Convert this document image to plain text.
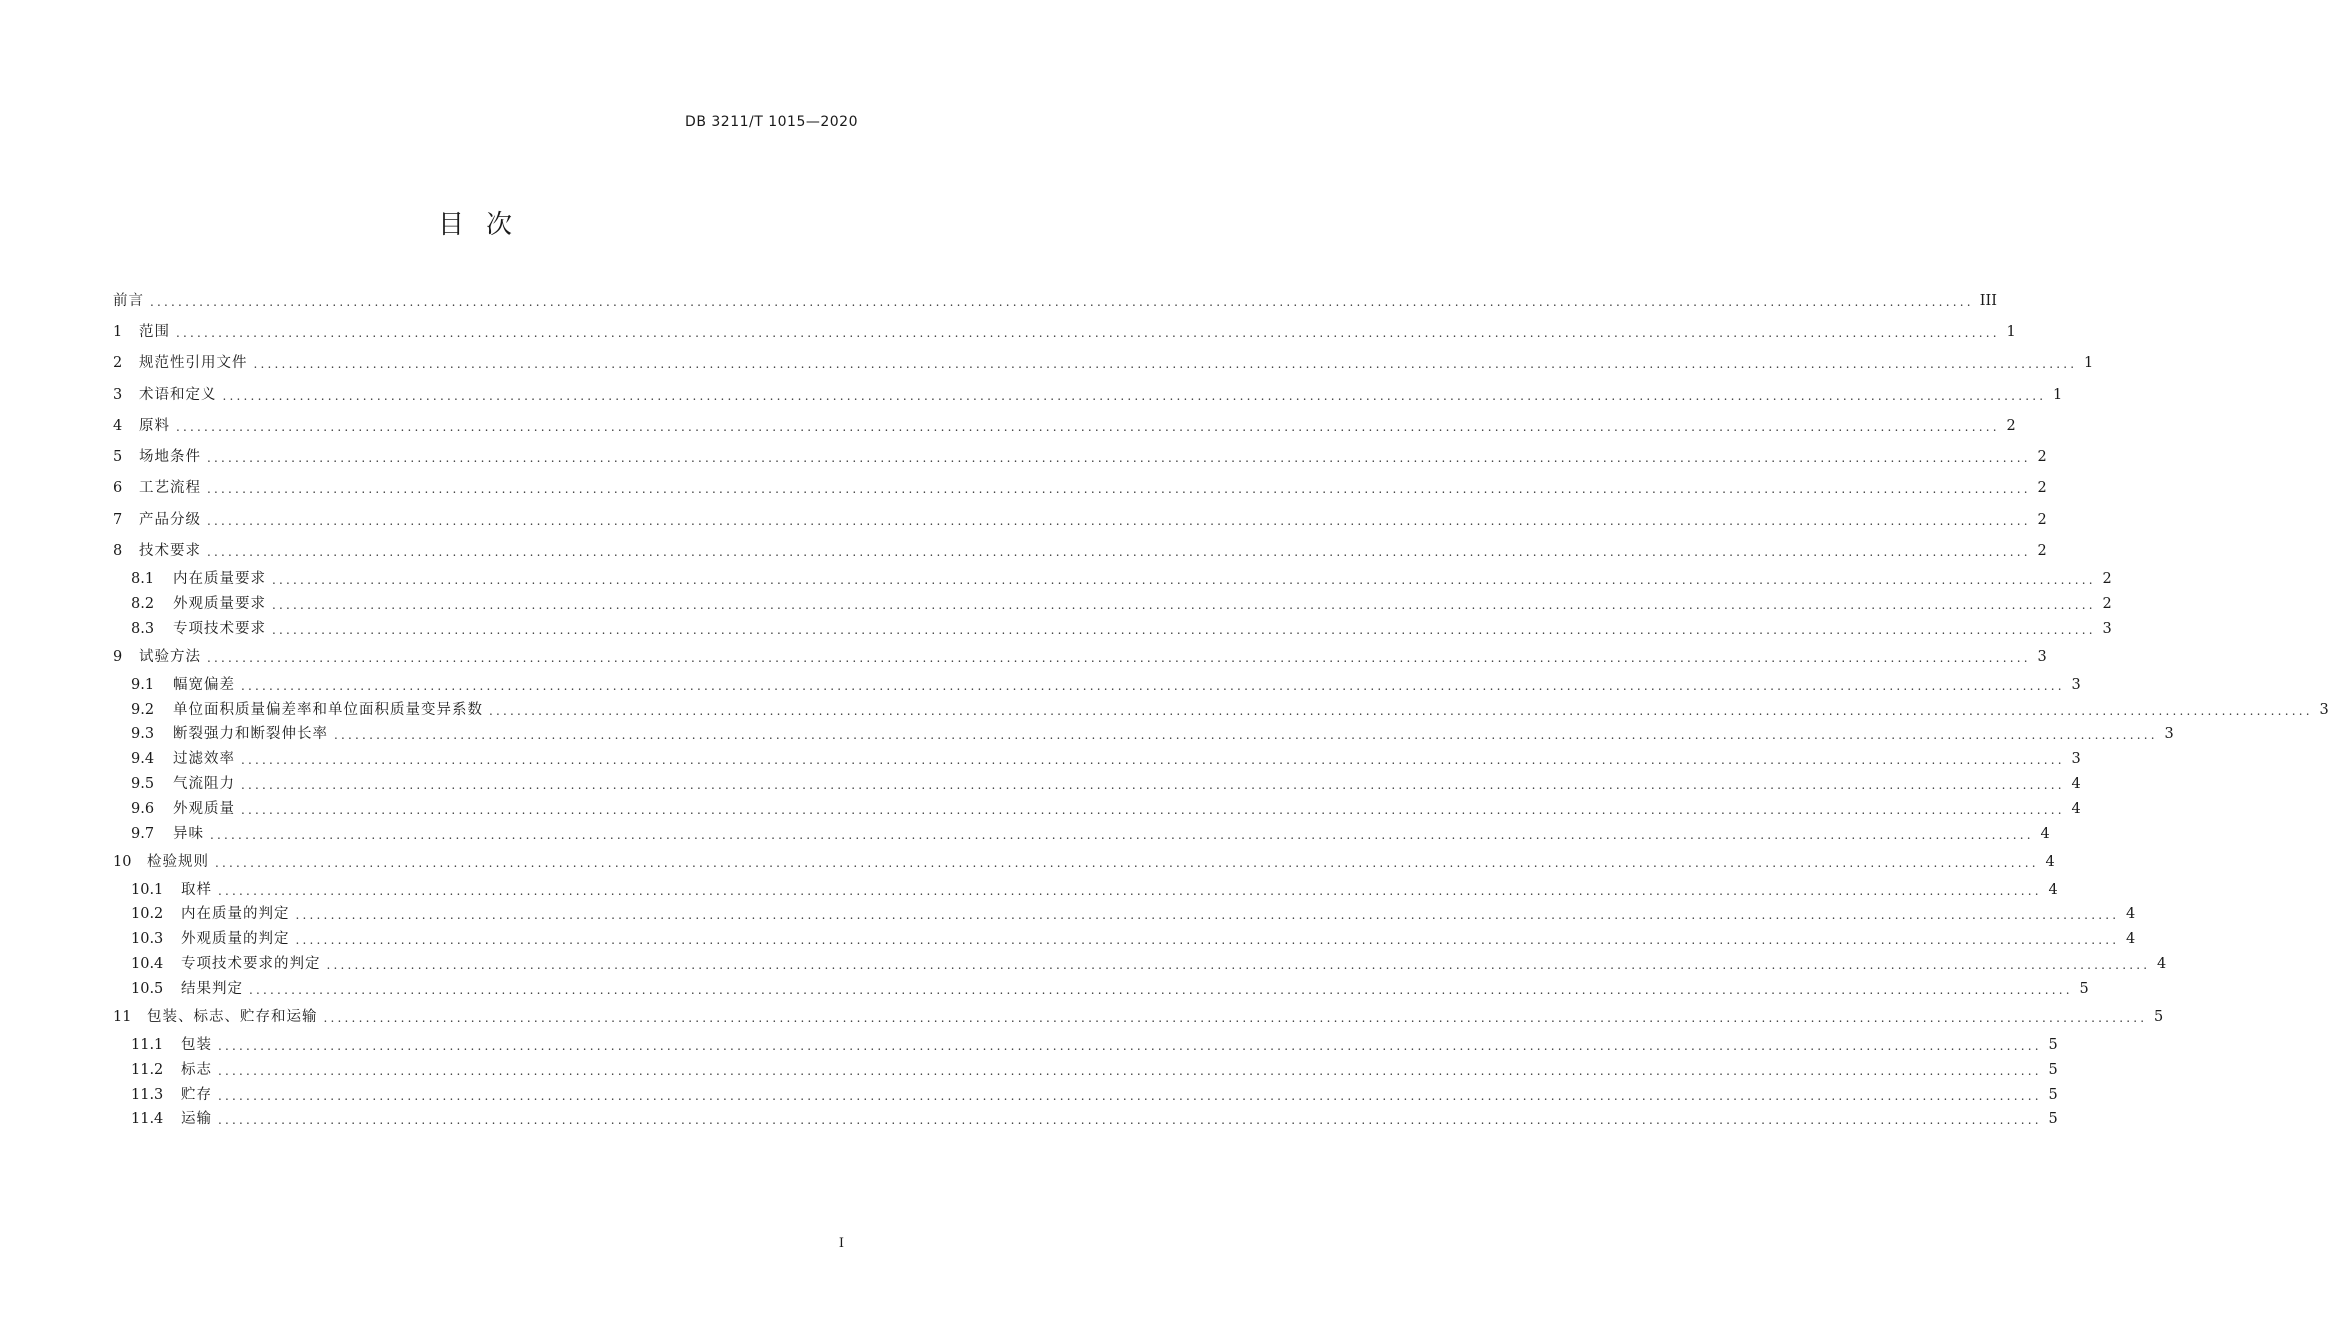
DB 3211/T 1015—2020
目次
前言 .................................................................................................................................................................................................................................................................... III
1	范围 .................................................................................................................................................................................................................................................................... 1
2	规范性引用文件 .................................................................................................................................................................................................................................................................... 1
3	术语和定义 .................................................................................................................................................................................................................................................................... 1
4	原料 .................................................................................................................................................................................................................................................................... 2
5	场地条件 .................................................................................................................................................................................................................................................................... 2
6	工艺流程 .................................................................................................................................................................................................................................................................... 2
7	产品分级 .................................................................................................................................................................................................................................................................... 2
8	技术要求 .................................................................................................................................................................................................................................................................... 2
8.1	内在质量要求 .................................................................................................................................................................................................................................................................... 2
8.2	外观质量要求 .................................................................................................................................................................................................................................................................... 2
8.3	专项技术要求 .................................................................................................................................................................................................................................................................... 3
9	试验方法 .................................................................................................................................................................................................................................................................... 3
9.1	幅宽偏差 .................................................................................................................................................................................................................................................................... 3
9.2	单位面积质量偏差率和单位面积质量变异系数 .................................................................................................................................................................................................................................................................... 3
9.3	断裂强力和断裂伸长率 .................................................................................................................................................................................................................................................................... 3
9.4	过滤效率 .................................................................................................................................................................................................................................................................... 3
9.5	气流阻力 .................................................................................................................................................................................................................................................................... 4
9.6	外观质量 .................................................................................................................................................................................................................................................................... 4
9.7	异味 .................................................................................................................................................................................................................................................................... 4
10	检验规则 .................................................................................................................................................................................................................................................................... 4
10.1	取样 .................................................................................................................................................................................................................................................................... 4
10.2	内在质量的判定 .................................................................................................................................................................................................................................................................... 4
10.3	外观质量的判定 .................................................................................................................................................................................................................................................................... 4
10.4	专项技术要求的判定 .................................................................................................................................................................................................................................................................... 4
10.5	结果判定 .................................................................................................................................................................................................................................................................... 5
11	包装、标志、贮存和运输 .................................................................................................................................................................................................................................................................... 5
11.1	包装 .................................................................................................................................................................................................................................................................... 5
11.2	标志 .................................................................................................................................................................................................................................................................... 5
11.3	贮存 .................................................................................................................................................................................................................................................................... 5
11.4	运输 .................................................................................................................................................................................................................................................................... 5
I
